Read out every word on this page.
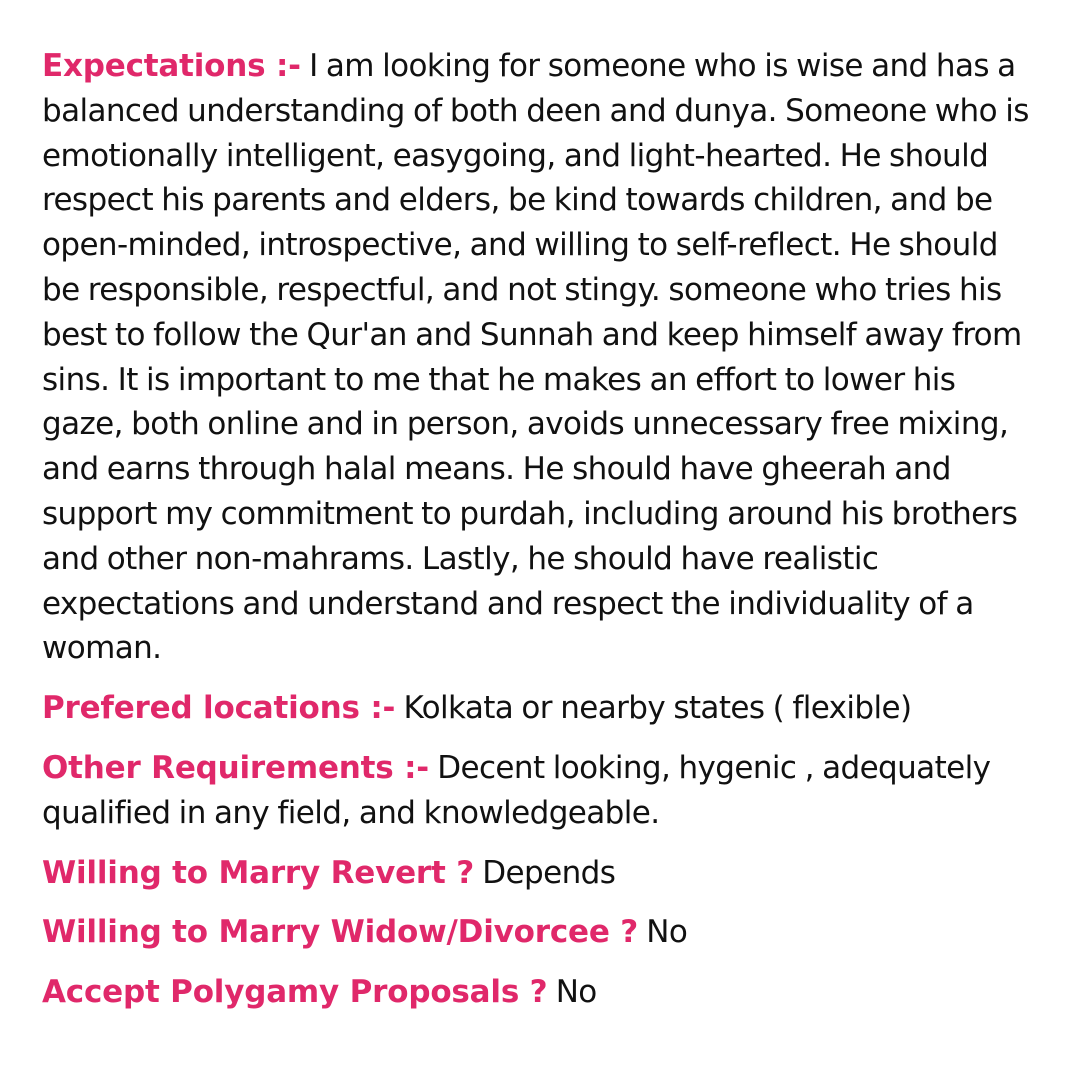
Expectations :- I am looking for someone who is wise and has a balanced understanding of both deen and dunya. Someone who is emotionally intelligent, easygoing, and light-hearted. He should respect his parents and elders, be kind towards children, and be open-minded, introspective, and willing to self-reflect. He should be responsible, respectful, and not stingy. someone who tries his best to follow the Qur'an and Sunnah and keep himself away from sins. It is important to me that he makes an effort to lower his gaze, both online and in person, avoids unnecessary free mixing, and earns through halal means. He should have gheerah and support my commitment to purdah, including around his brothers and other non-mahrams. Lastly, he should have realistic expectations and understand and respect the individuality of a woman.

Prefered locations :- Kolkata or nearby states ( flexible)

Other Requirements :- Decent looking, hygenic , adequately qualified in any field, and knowledgeable.

Willing to Marry Revert ? Depends

Willing to Marry Widow/Divorcee ? No

Accept Polygamy Proposals ? No
